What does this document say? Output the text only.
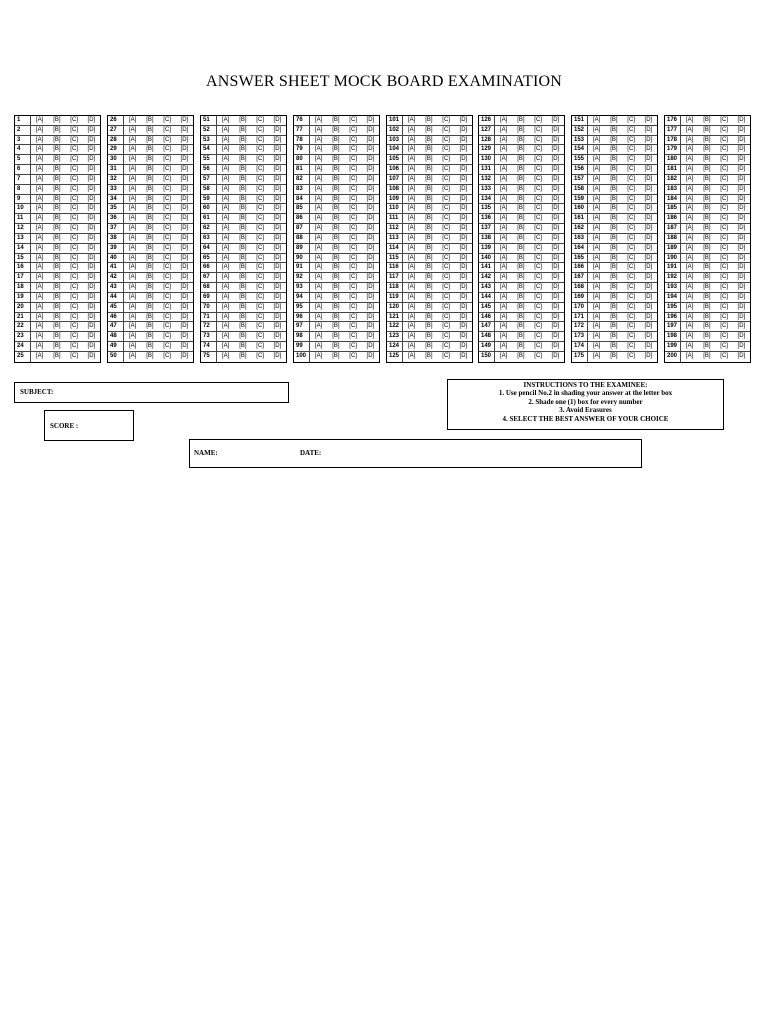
ANSWER SHEET MOCK BOARD EXAMINATION
1	[A]	[B]	[C]	[D]
2	[A]	[B]	[C]	[D]
3	[A]	[B]	[C]	[D]
4	[A]	[B]	[C]	[D]
5	[A]	[B]	[C]	[D]
6	[A]	[B]	[C]	[D]
7	[A]	[B]	[C]	[D]
8	[A]	[B]	[C]	[D]
9	[A]	[B]	[C]	[D]
10	[A]	[B]	[C]	[D]
11	[A]	[B]	[C]	[D]
12	[A]	[B]	[C]	[D]
13	[A]	[B]	[C]	[D]
14	[A]	[B]	[C]	[D]
15	[A]	[B]	[C]	[D]
16	[A]	[B]	[C]	[D]
17	[A]	[B]	[C]	[D]
18	[A]	[B]	[C]	[D]
19	[A]	[B]	[C]	[D]
20	[A]	[B]	[C]	[D]
21	[A]	[B]	[C]	[D]
22	[A]	[B]	[C]	[D]
23	[A]	[B]	[C]	[D]
24	[A]	[B]	[C]	[D]
25	[A]	[B]	[C]	[D]
26	[A]	[B]	[C]	[D]
27	[A]	[B]	[C]	[D]
28	[A]	[B]	[C]	[D]
29	[A]	[B]	[C]	[D]
30	[A]	[B]	[C]	[D]
31	[A]	[B]	[C]	[D]
32	[A]	[B]	[C]	[D]
33	[A]	[B]	[C]	[D]
34	[A]	[B]	[C]	[D]
35	[A]	[B]	[C]	[D]
36	[A]	[B]	[C]	[D]
37	[A]	[B]	[C]	[D]
38	[A]	[B]	[C]	[D]
39	[A]	[B]	[C]	[D]
40	[A]	[B]	[C]	[D]
41	[A]	[B]	[C]	[D]
42	[A]	[B]	[C]	[D]
43	[A]	[B]	[C]	[D]
44	[A]	[B]	[C]	[D]
45	[A]	[B]	[C]	[D]
46	[A]	[B]	[C]	[D]
47	[A]	[B]	[C]	[D]
48	[A]	[B]	[C]	[D]
49	[A]	[B]	[C]	[D]
50	[A]	[B]	[C]	[D]
51	[A]	[B]	[C]	[D]
52	[A]	[B]	[C]	[D]
53	[A]	[B]	[C]	[D]
54	[A]	[B]	[C]	[D]
55	[A]	[B]	[C]	[D]
56	[A]	[B]	[C]	[D]
57	[A]	[B]	[C]	[D]
58	[A]	[B]	[C]	[D]
59	[A]	[B]	[C]	[D]
60	[A]	[B]	[C]	[D]
61	[A]	[B]	[C]	[D]
62	[A]	[B]	[C]	[D]
63	[A]	[B]	[C]	[D]
64	[A]	[B]	[C]	[D]
65	[A]	[B]	[C]	[D]
66	[A]	[B]	[C]	[D]
67	[A]	[B]	[C]	[D]
68	[A]	[B]	[C]	[D]
69	[A]	[B]	[C]	[D]
70	[A]	[B]	[C]	[D]
71	[A]	[B]	[C]	[D]
72	[A]	[B]	[C]	[D]
73	[A]	[B]	[C]	[D]
74	[A]	[B]	[C]	[D]
75	[A]	[B]	[C]	[D]
76	[A]	[B]	[C]	[D]
77	[A]	[B]	[C]	[D]
78	[A]	[B]	[C]	[D]
79	[A]	[B]	[C]	[D]
80	[A]	[B]	[C]	[D]
81	[A]	[B]	[C]	[D]
82	[A]	[B]	[C]	[D]
83	[A]	[B]	[C]	[D]
84	[A]	[B]	[C]	[D]
85	[A]	[B]	[C]	[D]
86	[A]	[B]	[C]	[D]
87	[A]	[B]	[C]	[D]
88	[A]	[B]	[C]	[D]
89	[A]	[B]	[C]	[D]
90	[A]	[B]	[C]	[D]
91	[A]	[B]	[C]	[D]
92	[A]	[B]	[C]	[D]
93	[A]	[B]	[C]	[D]
94	[A]	[B]	[C]	[D]
95	[A]	[B]	[C]	[D]
96	[A]	[B]	[C]	[D]
97	[A]	[B]	[C]	[D]
98	[A]	[B]	[C]	[D]
99	[A]	[B]	[C]	[D]
100	[A]	[B]	[C]	[D]
101	[A]	[B]	[C]	[D]
102	[A]	[B]	[C]	[D]
103	[A]	[B]	[C]	[D]
104	[A]	[B]	[C]	[D]
105	[A]	[B]	[C]	[D]
106	[A]	[B]	[C]	[D]
107	[A]	[B]	[C]	[D]
108	[A]	[B]	[C]	[D]
109	[A]	[B]	[C]	[D]
110	[A]	[B]	[C]	[D]
111	[A]	[B]	[C]	[D]
112	[A]	[B]	[C]	[D]
113	[A]	[B]	[C]	[D]
114	[A]	[B]	[C]	[D]
115	[A]	[B]	[C]	[D]
116	[A]	[B]	[C]	[D]
117	[A]	[B]	[C]	[D]
118	[A]	[B]	[C]	[D]
119	[A]	[B]	[C]	[D]
120	[A]	[B]	[C]	[D]
121	[A]	[B]	[C]	[D]
122	[A]	[B]	[C]	[D]
123	[A]	[B]	[C]	[D]
124	[A]	[B]	[C]	[D]
125	[A]	[B]	[C]	[D]
126	[A]	[B]	[C]	[D]
127	[A]	[B]	[C]	[D]
128	[A]	[B]	[C]	[D]
129	[A]	[B]	[C]	[D]
130	[A]	[B]	[C]	[D]
131	[A]	[B]	[C]	[D]
132	[A]	[B]	[C]	[D]
133	[A]	[B]	[C]	[D]
134	[A]	[B]	[C]	[D]
135	[A]	[B]	[C]	[D]
136	[A]	[B]	[C]	[D]
137	[A]	[B]	[C]	[D]
138	[A]	[B]	[C]	[D]
139	[A]	[B]	[C]	[D]
140	[A]	[B]	[C]	[D]
141	[A]	[B]	[C]	[D]
142	[A]	[B]	[C]	[D]
143	[A]	[B]	[C]	[D]
144	[A]	[B]	[C]	[D]
145	[A]	[B]	[C]	[D]
146	[A]	[B]	[C]	[D]
147	[A]	[B]	[C]	[D]
148	[A]	[B]	[C]	[D]
149	[A]	[B]	[C]	[D]
150	[A]	[B]	[C]	[D]
151	[A]	[B]	[C]	[D]
152	[A]	[B]	[C]	[D]
153	[A]	[B]	[C]	[D]
154	[A]	[B]	[C]	[D]
155	[A]	[B]	[C]	[D]
156	[A]	[B]	[C]	[D]
157	[A]	[B]	[C]	[D]
158	[A]	[B]	[C]	[D]
159	[A]	[B]	[C]	[D]
160	[A]	[B]	[C]	[D]
161	[A]	[B]	[C]	[D]
162	[A]	[B]	[C]	[D]
163	[A]	[B]	[C]	[D]
164	[A]	[B]	[C]	[D]
165	[A]	[B]	[C]	[D]
166	[A]	[B]	[C]	[D]
167	[A]	[B]	[C]	[D]
168	[A]	[B]	[C]	[D]
169	[A]	[B]	[C]	[D]
170	[A]	[B]	[C]	[D]
171	[A]	[B]	[C]	[D]
172	[A]	[B]	[C]	[D]
173	[A]	[B]	[C]	[D]
174	[A]	[B]	[C]	[D]
175	[A]	[B]	[C]	[D]
176	[A]	[B]	[C]	[D]
177	[A]	[B]	[C]	[D]
178	[A]	[B]	[C]	[D]
179	[A]	[B]	[C]	[D]
180	[A]	[B]	[C]	[D]
181	[A]	[B]	[C]	[D]
182	[A]	[B]	[C]	[D]
183	[A]	[B]	[C]	[D]
184	[A]	[B]	[C]	[D]
185	[A]	[B]	[C]	[D]
186	[A]	[B]	[C]	[D]
187	[A]	[B]	[C]	[D]
188	[A]	[B]	[C]	[D]
189	[A]	[B]	[C]	[D]
190	[A]	[B]	[C]	[D]
191	[A]	[B]	[C]	[D]
192	[A]	[B]	[C]	[D]
193	[A]	[B]	[C]	[D]
194	[A]	[B]	[C]	[D]
195	[A]	[B]	[C]	[D]
196	[A]	[B]	[C]	[D]
197	[A]	[B]	[C]	[D]
198	[A]	[B]	[C]	[D]
199	[A]	[B]	[C]	[D]
200	[A]	[B]	[C]	[D]
SUBJECT:
SCORE :
INSTRUCTIONS TO THE EXAMINEE:
1. Use pencil No.2 in shading your answer at the letter box
2. Shade one (1) box for every number
3. Avoid Erasures
4. SELECT THE BEST ANSWER OF YOUR CHOICE
NAME:	DATE:
